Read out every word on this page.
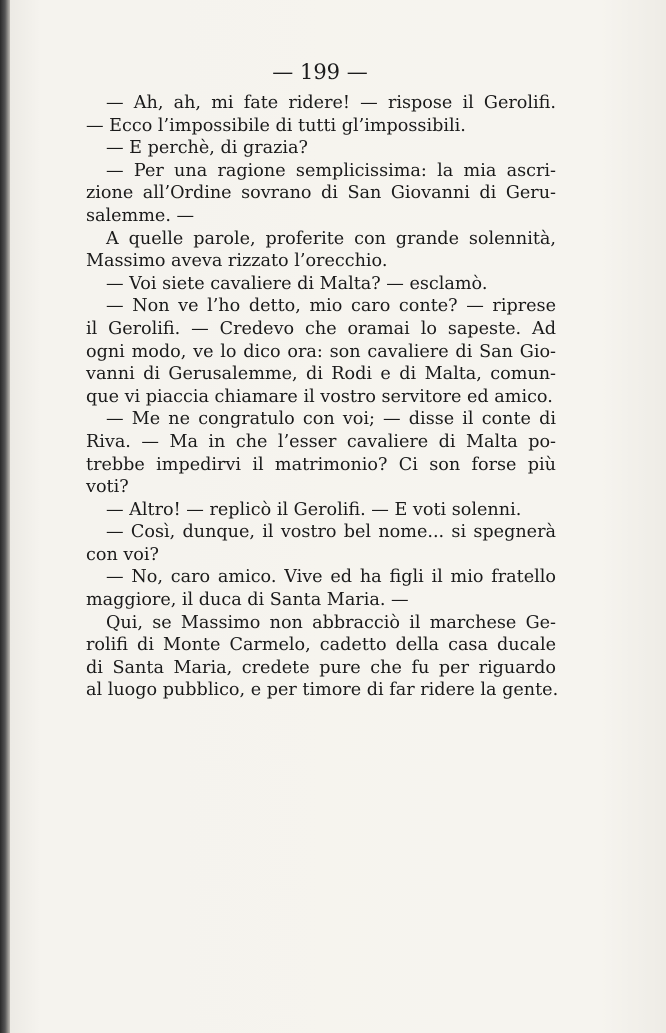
— 199 —
— Ah, ah, mi fate ridere! — rispose il Gerolifi.
— Ecco l’impossibile di tutti gl’impossibili.
— E perchè, di grazia?
— Per una ragione semplicissima: la mia ascri-
zione all’Ordine sovrano di San Giovanni di Geru-
salemme. —
A quelle parole, proferite con grande solennità,
Massimo aveva rizzato l’orecchio.
— Voi siete cavaliere di Malta? — esclamò.
— Non ve l’ho detto, mio caro conte? — riprese
il Gerolifi. — Credevo che oramai lo sapeste. Ad
ogni modo, ve lo dico ora: son cavaliere di San Gio-
vanni di Gerusalemme, di Rodi e di Malta, comun-
que vi piaccia chiamare il vostro servitore ed amico.
— Me ne congratulo con voi; — disse il conte di
Riva. — Ma in che l’esser cavaliere di Malta po-
trebbe impedirvi il matrimonio? Ci son forse più
voti?
— Altro! — replicò il Gerolifi. — E voti solenni.
— Così, dunque, il vostro bel nome... si spegnerà
con voi?
— No, caro amico. Vive ed ha figli il mio fratello
maggiore, il duca di Santa Maria. —
Qui, se Massimo non abbracciò il marchese Ge-
rolifi di Monte Carmelo, cadetto della casa ducale
di Santa Maria, credete pure che fu per riguardo
al luogo pubblico, e per timore di far ridere la gente.
